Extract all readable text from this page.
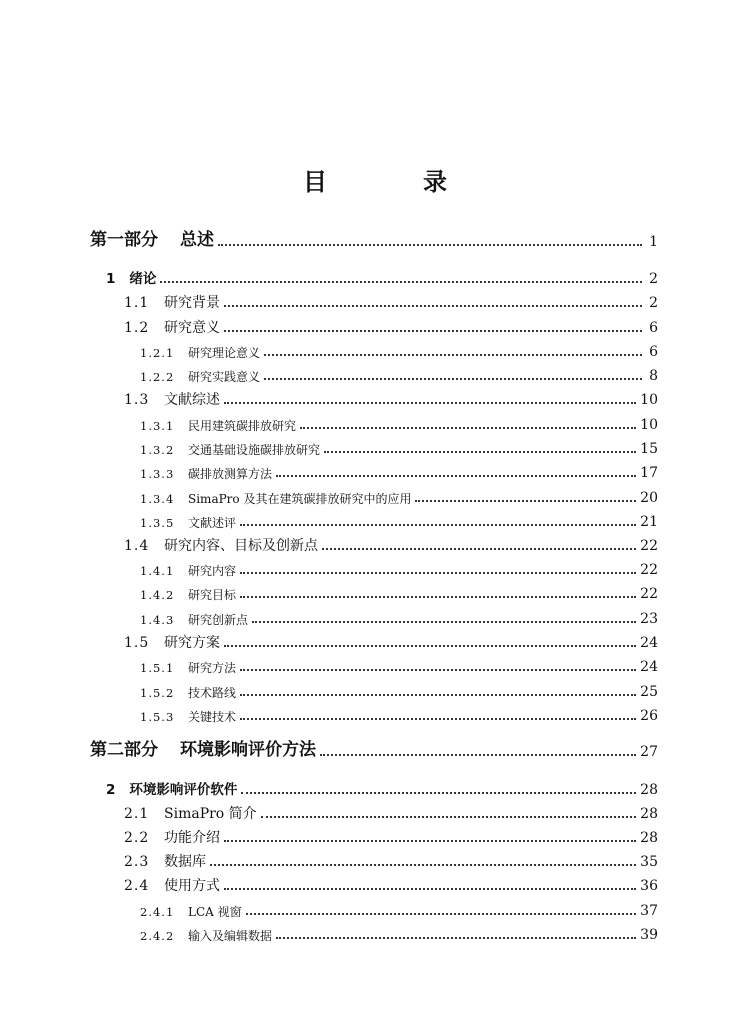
目　录
第一部分 总述	1
1 绪论	2
1.1	研究背景	2
1.2	研究意义	6
1.2.1	研究理论意义	6
1.2.2	研究实践意义	8
1.3	文献综述	10
1.3.1	民用建筑碳排放研究	10
1.3.2	交通基础设施碳排放研究	15
1.3.3	碳排放测算方法	17
1.3.4	SimaPro 及其在建筑碳排放研究中的应用	20
1.3.5	文献述评	21
1.4	研究内容、目标及创新点	22
1.4.1	研究内容	22
1.4.2	研究目标	22
1.4.3	研究创新点	23
1.5	研究方案	24
1.5.1	研究方法	24
1.5.2	技术路线	25
1.5.3	关键技术	26
第二部分 环境影响评价方法	27
2 环境影响评价软件	28
2.1	SimaPro 简介	28
2.2	功能介绍	28
2.3	数据库	35
2.4	使用方式	36
2.4.1	LCA 视窗	37
2.4.2	输入及编辑数据	39
